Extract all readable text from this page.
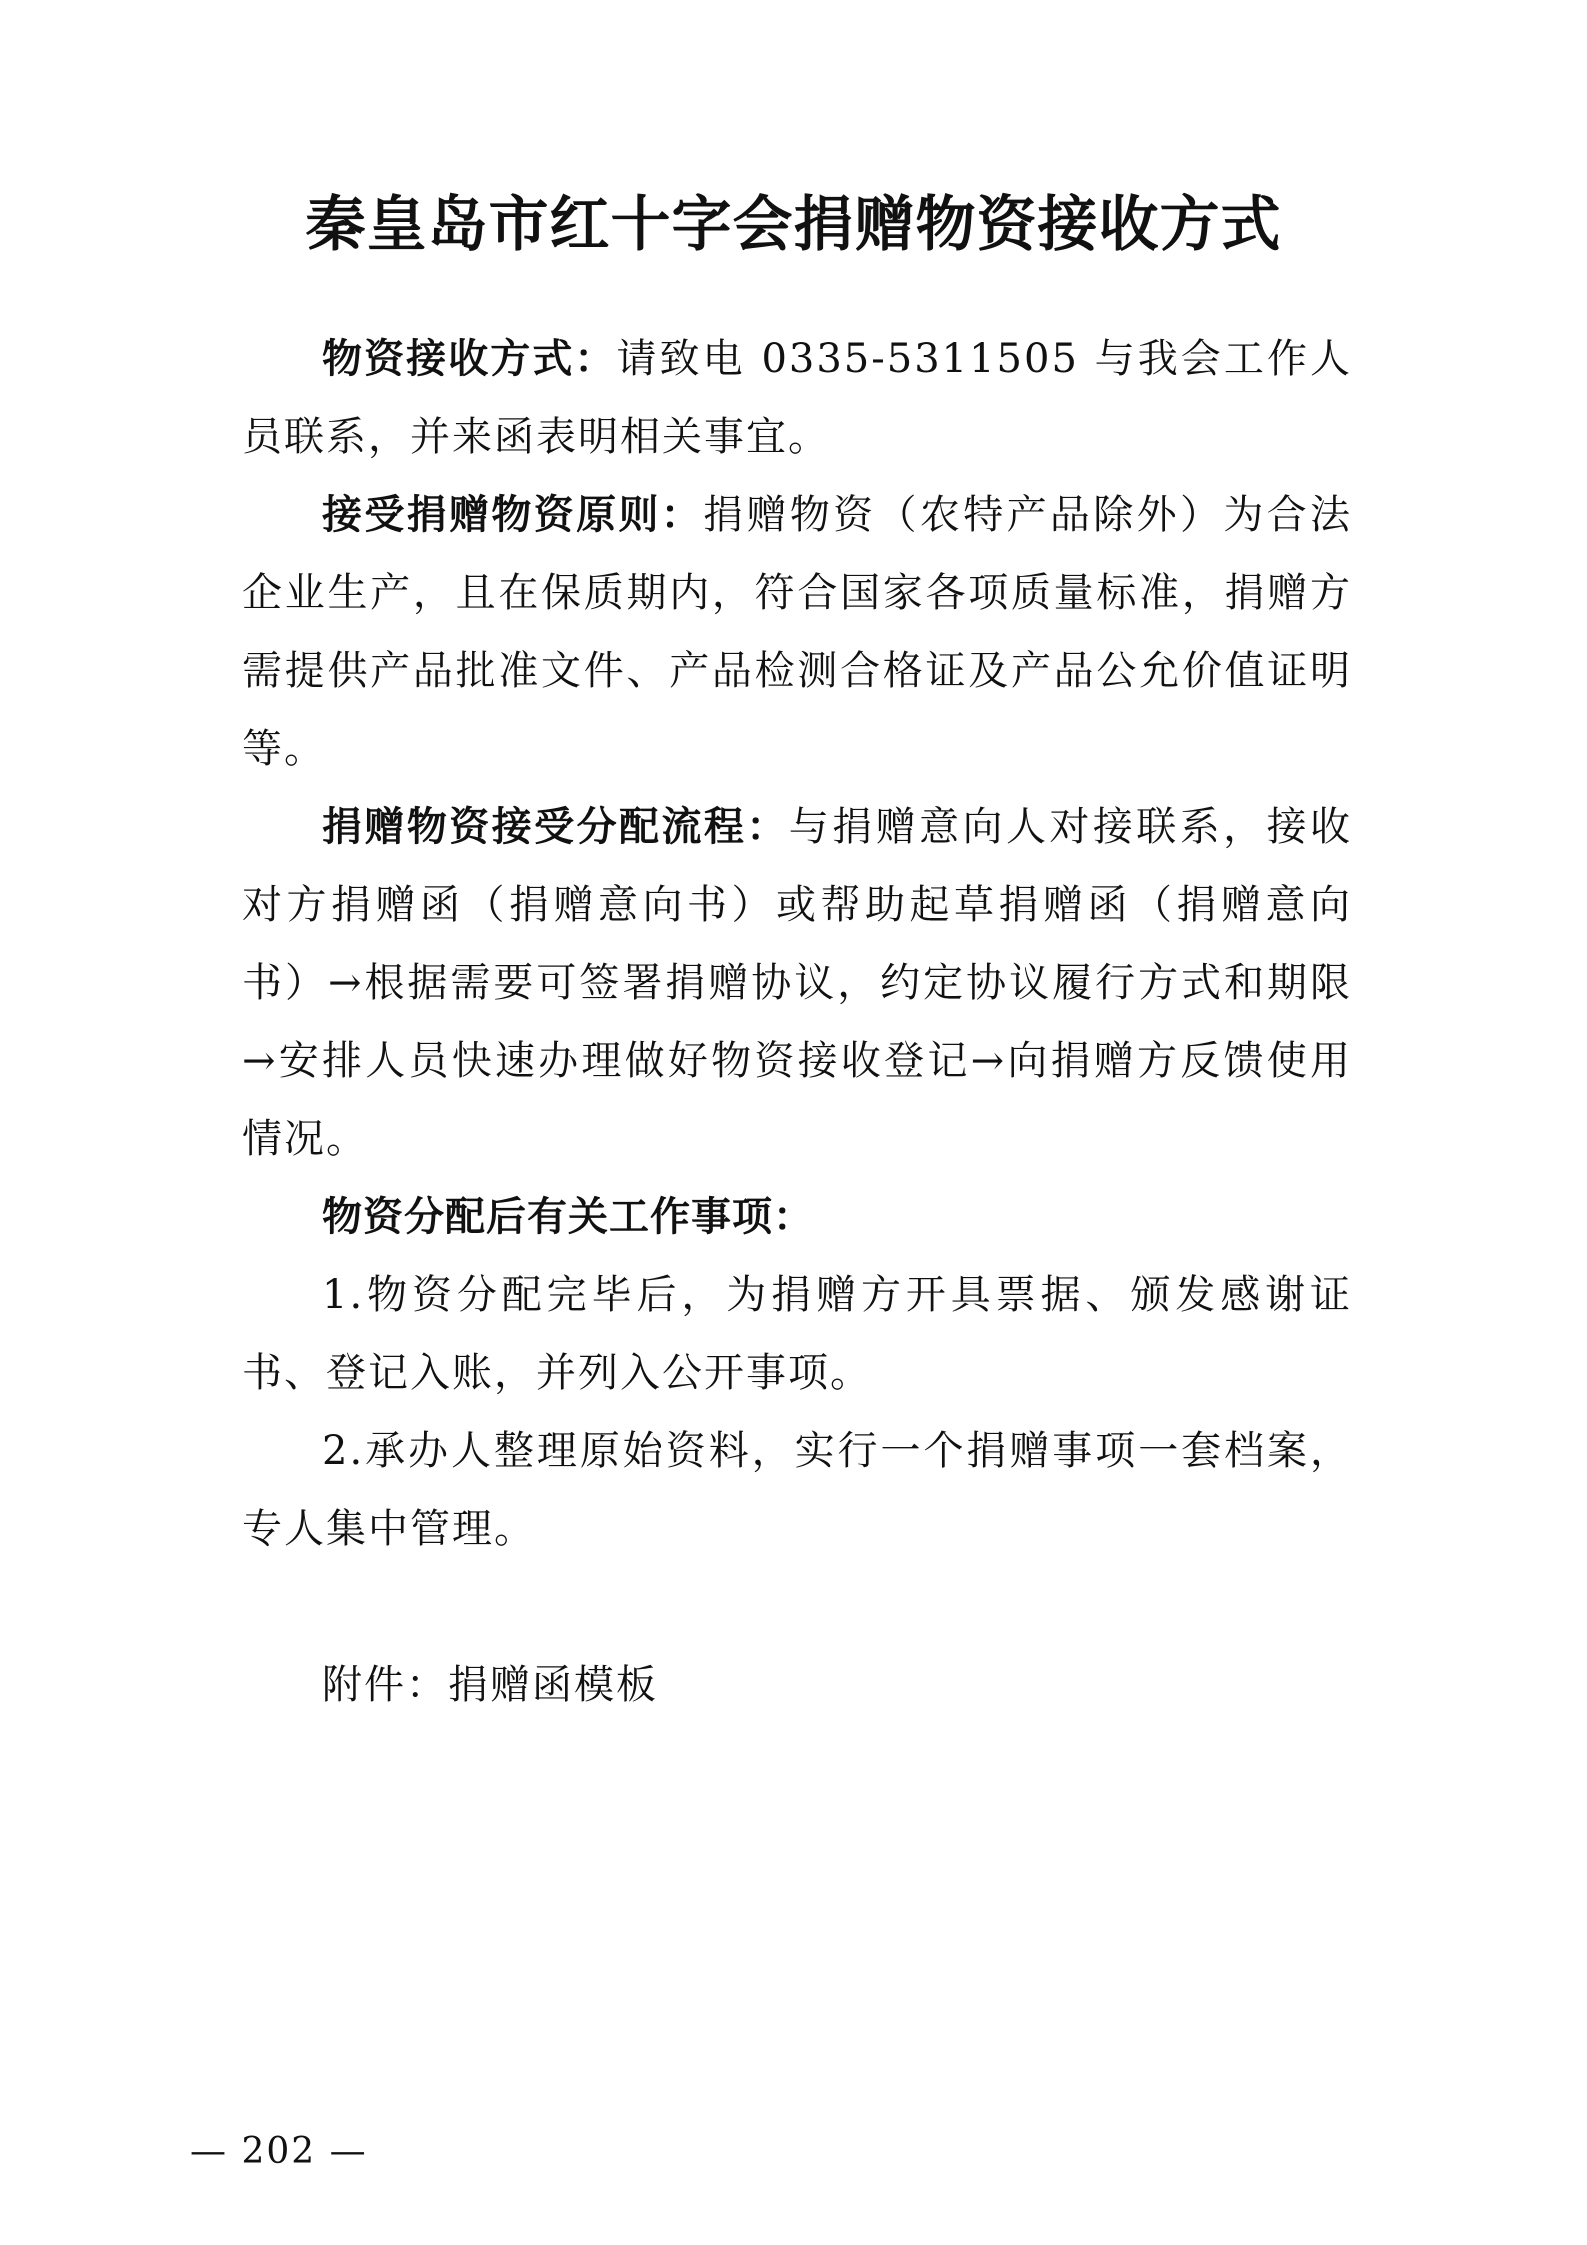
秦皇岛市红十字会捐赠物资接收方式

物资接收方式：请致电 0335-5311505 与我会工作人员联系，并来函表明相关事宜。

接受捐赠物资原则：捐赠物资（农特产品除外）为合法企业生产，且在保质期内，符合国家各项质量标准，捐赠方需提供产品批准文件、产品检测合格证及产品公允价值证明等。

捐赠物资接受分配流程：与捐赠意向人对接联系，接收对方捐赠函（捐赠意向书）或帮助起草捐赠函（捐赠意向书）→根据需要可签署捐赠协议，约定协议履行方式和期限→安排人员快速办理做好物资接收登记→向捐赠方反馈使用情况。

物资分配后有关工作事项：

1.物资分配完毕后，为捐赠方开具票据、颁发感谢证书、登记入账，并列入公开事项。

2.承办人整理原始资料，实行一个捐赠事项一套档案，专人集中管理。

附件：捐赠函模板

— 202 —
